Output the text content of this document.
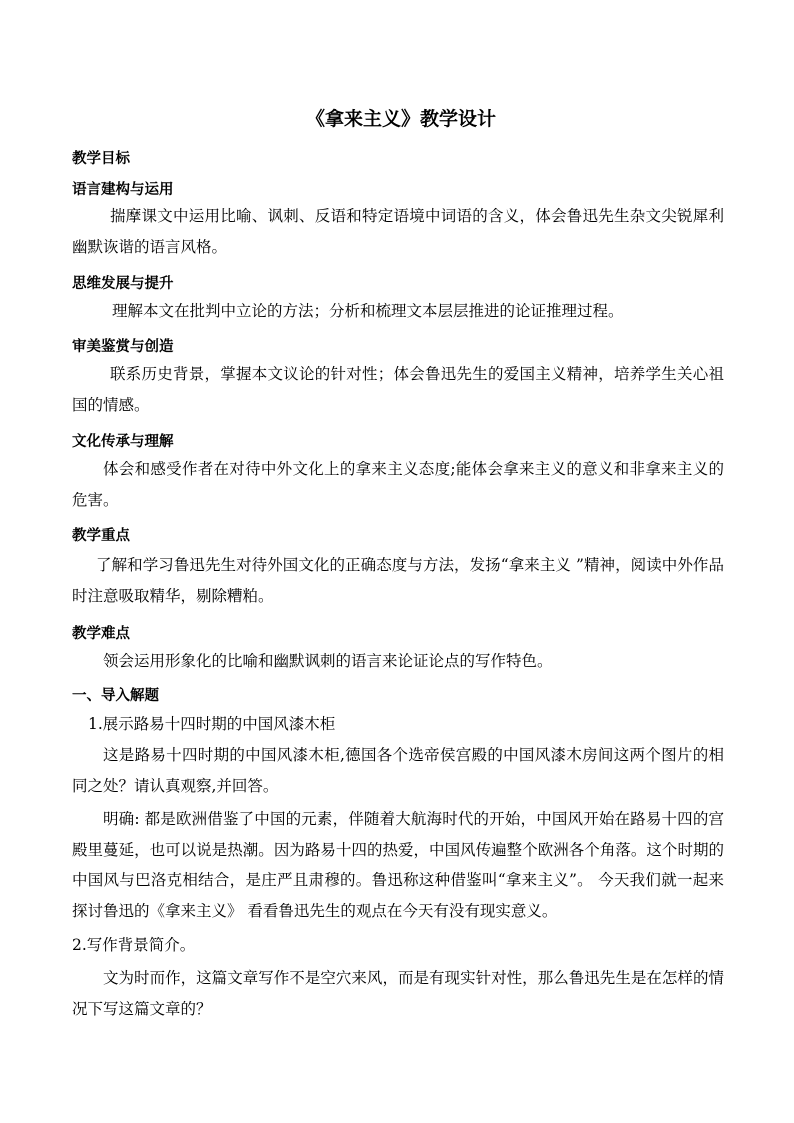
《拿来主义》教学设计
教学目标
语言建构与运用
揣摩课文中运用比喻、讽刺、反语和特定语境中词语的含义，体会鲁迅先生杂文尖锐犀利幽默诙谐的语言风格。
思维发展与提升
理解本文在批判中立论的方法；分析和梳理文本层层推进的论证推理过程。
审美鉴赏与创造
联系历史背景，掌握本文议论的针对性；体会鲁迅先生的爱国主义精神，培养学生关心祖国的情感。
文化传承与理解
体会和感受作者在对待中外文化上的拿来主义态度;能体会拿来主义的意义和非拿来主义的危害。
教学重点
了解和学习鲁迅先生对待外国文化的正确态度与方法，发扬“拿来主义 ”精神，阅读中外作品时注意吸取精华，剔除糟粕。
教学难点
领会运用形象化的比喻和幽默讽刺的语言来论证论点的写作特色。
一、导入解题
1.展示路易十四时期的中国风漆木柜
这是路易十四时期的中国风漆木柜,德国各个选帝侯宫殿的中国风漆木房间这两个图片的相同之处？请认真观察,并回答。
明确: 都是欧洲借鉴了中国的元素，伴随着大航海时代的开始，中国风开始在路易十四的宫殿里蔓延，也可以说是热潮。因为路易十四的热爱，中国风传遍整个欧洲各个角落。这个时期的中国风与巴洛克相结合，是庄严且肃穆的。鲁迅称这种借鉴叫“拿来主义”。 今天我们就一起来探讨鲁迅的《拿来主义》 看看鲁迅先生的观点在今天有没有现实意义。
2.写作背景简介。
文为时而作，这篇文章写作不是空穴来风，而是有现实针对性，那么鲁迅先生是在怎样的情况下写这篇文章的？
